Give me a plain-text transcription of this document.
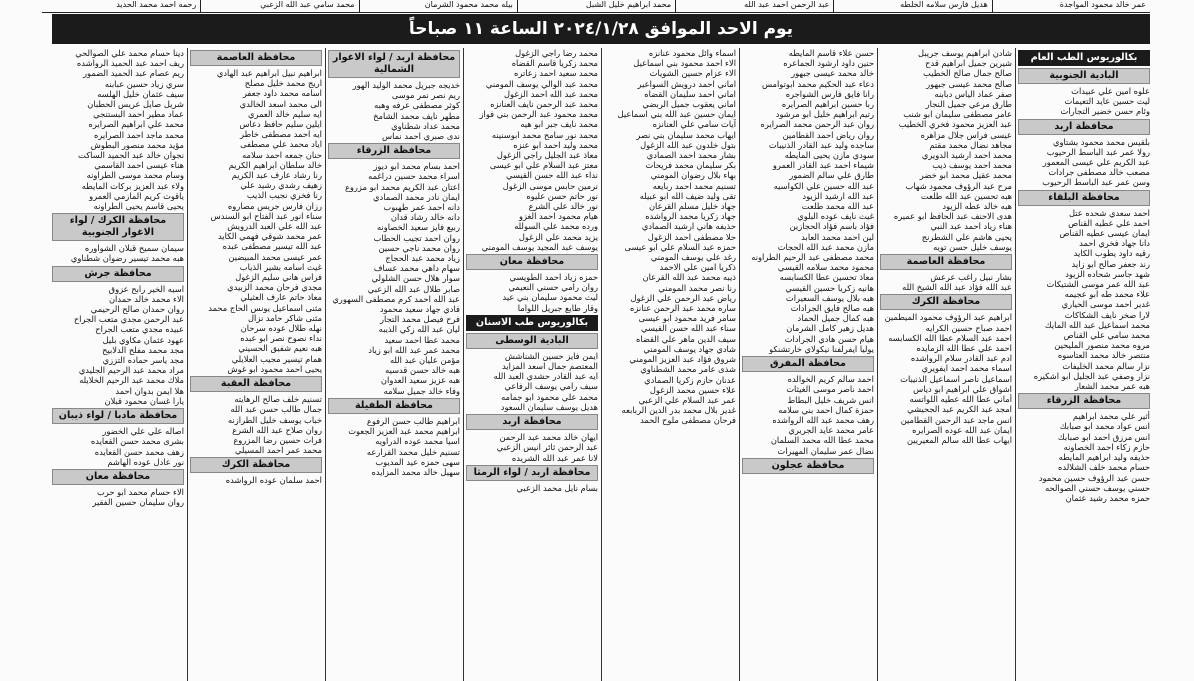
عمر خالد محمود المواجدة
هديل فارس سلامه الخلطه
عبد الرحمن احمد عبد الله
محمد ابراهيم خليل الشبل
بيله محمد محمود الشرمان
محمد سامي عبد الله الزعبي
رحمه احمد محمد الحديد
يوم الاحد الموافق ٢٠٢٤/١/٢٨ الساعة ١١ صباحاً
بكالوريوس الطب العام
البادية الجنوبية
علوه امين علي عبيدات
ليث حسين عايد التعيمات
وئام حسن خضير التجارات
محافظة اربد
بلقيس محمد محمود بشتاوي
رولا عمر عبد الباسط الرحيوب
عبد الكريم علي عيسى المعمور
مصعب خالد مصطفى جرادات
وسن عمر عبد الباسط الرحيوب
محافظة البلقاء
احمد سعدي شحده عتل
احمد علي عطيه القناص
ايمان عيسى عطيه القناص
دانا جهاد فخري احمد
رقيه داود يطوب الكايد
رند جعفر صالح ابو زايد
شهد جاسر شحاده الزيود
عبد الله عمر موسى الشتيكات
علاء محمد طه ابو عجيمه
غدير احمد موسى الحياري
لارا صخر نايف الشكاكات
محمد اسماعيل عبد الله المايك
محمد سامي علي القناص
مروه محمد منصور المليحين
منتصر خالد محمد العتاسوه
نزار سالم محمد الخليفات
نزار وصفي عبد الجليل ابو اشكيره
هبه عمر محمد الشعار
محافظة الزرقاء
أثير علي محمد ابراهيم
انس عواد محمد ابو صبابك
انس مرزق احمد ابو صبابك
حازم زكاء احمد الخصاونه
حذيفه وليد ابراهيم المايطه
حسام محمد خلف الشلالده
حسن عبد الرؤوف حسين محمود
حسني يوسف حسني الصوالحه
حمزه محمد رشيد عثمان
شادن ابراهيم يوسف جريبل
شيرين جميل ابراهيم قدح
صالح جمال صالح الخطيب
صالح محمد عيسى جبهور
صفر عماد الياس دبابنه
طارق مرعي جميل النجار
عامر مصطفى سليمان ابو شنب
عبد العزيز محمود فخري الخطيب
عيسى فراس جلال مزاهره
مجاهد نضال محمد مقتم
محمد احمد ارشيد الدويري
محمد احمد يوسف ذيب
محمد عقيل محمد ابو خضر
مرح عبد الرؤوف محمود شهاب
هبه تحسين عبد الله طلعت
هبه خالد عطه الزيود
هدى الاحنف عبد الحافظ ابو عميره
هناء زياد احمد عبد النبي
يحيى هاشم علي الشطرنج
يوسف خليل حسن تويه
محافظة العاصمة
بشار نبيل راغب عرعش
عبد الله فؤاد عبد الله الشيخ الله
محافظة الكرك
ابراهيم عبد الرؤوف محمود الميطمين
احمد صباح حسين الكرايه
احمد عبد السلام عطا الله الكسابسه
احمد علي عطا الله الزمايده
ادم عبد القادر سلام الرواشده
اسماء محمد احمد ايفويري
اسماعيل ناصر اسماعيل الذنيبات
اشواق علي ابراهيم ابو دياس
أماني عطا الله عطيه اللواتسه
امجد عبد الكريم عبد الجحيشي
انس ماجد عبد الرحمن القطامين
ايمان عبد الله عوده الصرايره
ايهاب عطا الله سالم المعيريين
حسن علاء قاسم المايطه
حنين داود ارشود الجماعره
خالد محمد عيسى جبهور
دعاء عبد الحكيم محمد ابوتوامس
رانا فايق فارس الشواجره
ربا حسين ابراهيم الصرايره
رتيم ابراهيم خليل ابو مرشود
روان عبد الرحمن محمد الصرايره
روان رياض احمد القطامين
ساجده وليد عبد القادر الذنيبات
سودي مازن يحيى المايطه
شيماء احمد عبد القادر العمرو
طارق علي سالم الضمور
عبد الله حسين علي الكواسيه
عبد الله ارشيد الزيود
عبد الله محمد طلعت
غيث نايف عوده البلوي
فؤاد باسم فؤاد الحجازين
لين احمد محمد العابد
مازن محمد عبد الله الحجات
محمد مصطفى عبد الرحيم الطراونه
محمود محمد سلامه القيسي
معاذ تحسين عطا الكسابسه
هانيه زكريا حسين القيسي
هبه بلال يوسف السعيرات
هبه صالح فايق الجرادات
هبه كمال جميل الحماد
هديل زهير كامل الشرمان
هيام حسن هادي الجرادات
يوليا ايفرلفنا نيكولاي خارتشنكو
محافظة المفرق
احمد سالم كريم الخوالده
احمد ناصر موسى الغيثات
انس شريف خليل البطاط
حمزة كمال احمد بني سلامه
رهف محمد عبد الله الرواشده
عامر محمد عايد الجريري
محمد عطا الله محمد السلمان
نضال عمر سليمان المهيرات
محافظة عجلون
اسماء وائل محمود عنانزه
الاء احمد محمود بني اسماعيل
الاء عزام حسين الشويات
اماني احمد درويش السواعير
اماني احمد سليمان القضاه
اماني يعقوب جميل الربضي
ايمان حسين عبد الله بني اسماعيل
آيات سامي علي العنانزه
ايهاب محمد سليمان بني نصر
بتول خلدون عبد الله الزغول
بشار محمد احمد الصمادي
بكر سليمان محمد فريحات
بهاء بلال رضوان المومني
تسنيم محمد احمد ربايعه
تقى وليد ضيف الله ابو عبيله
جهاد خليل مسلم القرعان
جهاد زكريا محمد الرواشده
حذيفه هاني ارشيد الصمادي
حلا مصطفى احمد الزغول
حمزه عبد السلام علي ابو عيسى
رغد علي يوسف المومني
ذكريا امين علي الاحمد
ذيبه محمد عبد الله القرعان
رنا نصر محمد المومني
رياض عبد الرحمن علي الزغول
ساره محمد عبد الرحمن عنانزه
سامر فريد محمود ابو عيسى
سناء عبد الله حسن القيسي
سيف الدين ماهر علي القضاه
شادي جهاد يوسف المومني
شروق فؤاد عبد العزيز المومني
شذى عامر محمد الشطناوي
عدنان حازم زكريا الصمادي
علاء حسين محمد الزغول
عمر عبد السلام علي الزعبي
غدير بلال محمد بدر الدين الربابعه
فرحان مصطفى ملوح الحمد
محمد رضا راجي الزغول
محمد زكريا قاسم القضاه
محمد سعيد احمد زعاتره
محمد عبد الوالي يوسف المومني
محمد عبد الله احمد الزغول
محمد عبد الرحمن نايف العنانزه
محمد محمود عبد الرحمن بني فواز
محمد نايف جبر ابو هيه
محمد نور سامح محمد ابوسنينه
محمد وليد احمد ابو عنزه
معاذ عبد الجليل راجي الزغول
معتز عبد السلام علي ابو عيسى
نداء عبد الله حسن القيسي
نرمين حابس موسى الزغول
نور حاتم حسن عليوه
نور خالد علي الشرع
هيام محمود احمد الغزو
ورده محمد علي السولله
يزيد محمد علي الزغول
يوسف عبد المجيد يوسف المومني
محافظة معان
حمزه زياد احمد الطويسي
روان رامي حسني النعيمي
ليث محمود سليمان بني عيد
وقار طايع جبريل اللواما
بكالوريوس طب الاسنان
البادية الوسطى
ايمن فايز حسين الشناشش
المعتصم جمال اسعد المزايد
ايه عبد القادر حشدي العبد الله
سيف رامي يوسف الرفاعي
محمد علي محمود ابو جمامه
هديل يوسف سليمان السعود
محافظة اربد
ايهان خالد محمد عبد الرحمن
عبد الرحمن ثائر انيس الزعبي
لانا عمر عبد الله الشريده
محافظة اربد / لواء الرمثا
بسام نايل محمد الزعبي
محافظة اربد / لواء الاغوار الشمالية
خديجه جبريل محمد الوليد الهور
ريم نصر نمر موسى
كوثر مصطفى عرفه وهبه
مطهر نايف محمد الشامخ
محمد عداد شطناوي
ندى صبري احمد نماس
محافظة الزرقاء
احمد بسام محمد ابو ديوز
اسراء محمد حسين دراغمه
اعتان عبد الكريم محمد ابو مزروع
ايمان نادر محمد الصمادي
دانه احمد عمر طهبوب
دانه خالد رشاد قدان
ربيع فايز سعيد الخصاونه
روان احمد تجيب الحطاب
روان محمد ناجي حسين
زياد محمد عبد الحجاج
سهام داهي محمد عساف
سوار هلال حسن الشلولي
صابر طلال عبد الله الزعبي
عبد الله احمد كرم مصطفى السهوري
فادي جهاد سعيد محمود
فرح فيصل محمد التجار
ليان عبد الله زكي الذيبه
محمد عطا احمد سعيد
محمد عمر عبد الله ابو زياد
مؤمن عليان عبد الله
هبه خالد حسن قدسيه
هبه عزيز سعيد العدوان
وفاء خالد جميل سلامه
محافظة الطفيلة
ابراهيم طالب حسن الرفوع
ابراهيم محمد عبد العزيز الجعوت
اسيا محمد عوده الدراويه
تسنيم خليل محمد القرارعه
سهى حمزه عيد المديوب
سهيل خالد محمد المزايده
محافظة العاصمة
ابراهيم نبيل ابراهيم عبد الهادي
اريج محمد خليل مصلح
اسامه محمد داود جعفر
الى محمد اسعد الخالدي
ايه سليم خالد العمري
ايلين سليم حافظ دعاس
ايه احمد مصطفى خاطر
اياد محمد علي مصطفى
حنان جمعه احمد سلامه
خالد سلطان ابراهيم الكريم
رنا رشاد عارف عبد الكريم
زهيف رشدي رشيد علي
رنا فخري نجيب الذيب
رزان فارس جريس مصاروه
سناء انور عبد الفتاح ابو السندس
عبد الله علي العبد الدرويش
عمر محمد شوقي فهمي الكايد
عبد الله تيسير مصطفى عبده
عمر عيسى محمد المبيضين
غيث اسامه بشير الذياب
فراس هاني سليم الزغول
مجدي فرحان محمد الزبيدي
معاذ حاتم عارف العثيلي
مثنى اسماعيل يونس الحاج محمد
مثنى شاكر حامد نزال
نهله طلال عوده سرحان
نداء نصوح نصر ابو عبده
هبه نعيم شفيق الحسيني
همام تيسير مجيب العلايلي
يحيى احمد محمود ابو غوش
محافظة العقبة
تسنيم خلف صالح الرهايته
جمال طالب حسن عبد الله
خباب يوسف خليل الطرازنه
روان صلاح عبد الله الشرع
فرات حسين رضا المزروع
محمد عمر احمد المسيلي
محافظة الكرك
احمد سلمان عوده الرواشده
دينا حسام محمد علي الصوالحي
ريف احمد عبد الحميد الرواشده
ريم عصام عبد الحميد الضمور
سري زياد حسين عبابنه
سيف عثمان خليل الهلسه
شريل صايل عريس الحطبان
عماد مطير احمد البستنجي
محمد علي ابراهيم الصرايره
محمد ماجد احمد الصرايره
مؤيد محمد منصور البطوش
نجوان خالد عبد الحميد الساكت
هناء عيسى احمد القاسمي
وسام محمد موسى الطراونه
ولاء عبد العزيز بركات المايطه
ياقوت كريم المازمي العمرو
يحيى قاسم يحيى الطراونه
محافظة الكرك / لواء الاغوار الجنوبية
سيمان سميح قبلان الشواوره
هبه محمد تيسير رضوان شطناوي
محافظة جرش
اسيه الخير رابح عزوق
الاء محمد خالد حمدان
روان حمدان صالح الرحيمي
عبد الرحمن مجدي متعب الجراح
عبيده مجدي متعب الجراح
عهود عثمان مكاوي بليل
مجد محمد مفلح الدلابيح
مجد ياسر حماده التززي
مراد محمد عبد الرحيم الجليدي
ملاك محمد عبد الرحيم الخلايله
هلا ايمن بدوان احمد
يارا غسان محمود قبلان
محافظة مادبا / لواء ذيبان
اصاله علي علي الخضور
بشرى محمد حسن القعايده
زهف محمد حسن القعايده
نور عادل عوده الهاشم
محافظة معان
الاء حسام محمد ابو حرب
روان سليمان حسين الفقير
